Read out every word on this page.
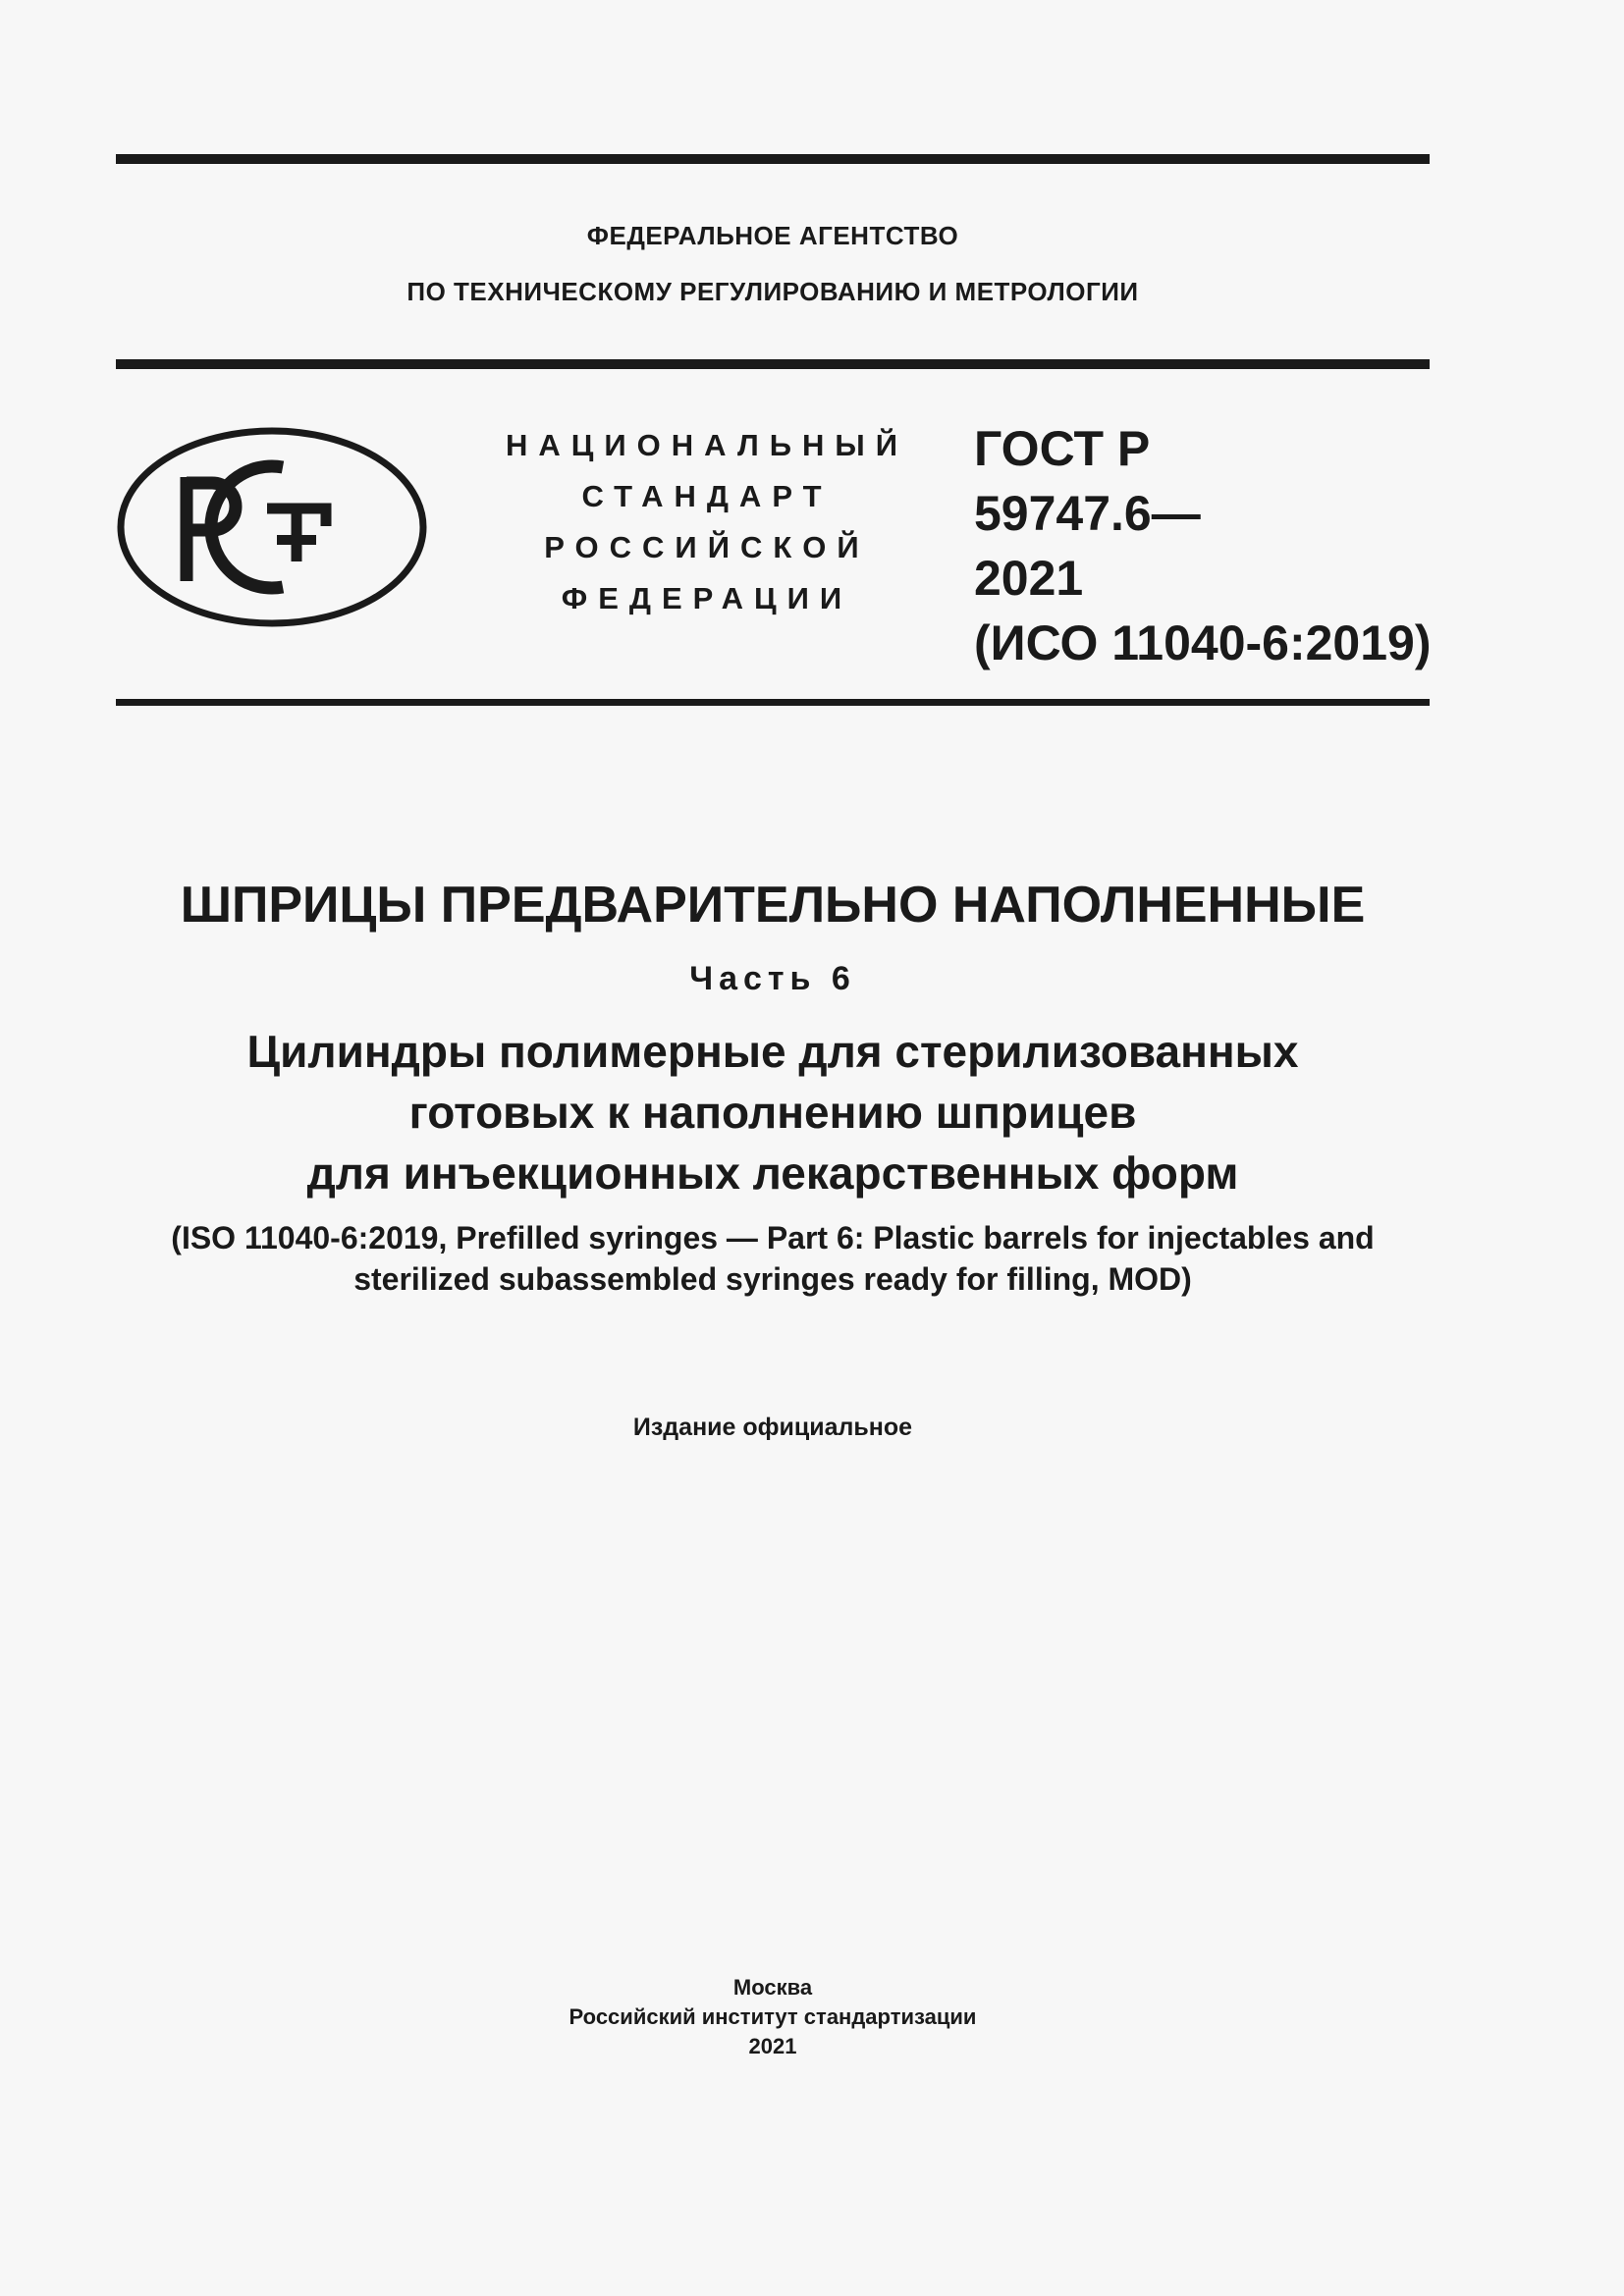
ФЕДЕРАЛЬНОЕ АГЕНТСТВО
ПО ТЕХНИЧЕСКОМУ РЕГУЛИРОВАНИЮ И МЕТРОЛОГИИ
НАЦИОНАЛЬНЫЙ
СТАНДАРТ
РОССИЙСКОЙ
ФЕДЕРАЦИИ
ГОСТ Р
59747.6—
2021
(ИСО 11040-6:2019)
ШПРИЦЫ ПРЕДВАРИТЕЛЬНО НАПОЛНЕННЫЕ
Часть 6
Цилиндры полимерные для стерилизованных
готовых к наполнению шприцев
для инъекционных лекарственных форм
(ISO 11040-6:2019, Prefilled syringes — Part 6: Plastic barrels for injectables and
sterilized subassembled syringes ready for filling, MOD)
Издание официальное
Москва
Российский институт стандартизации
2021
